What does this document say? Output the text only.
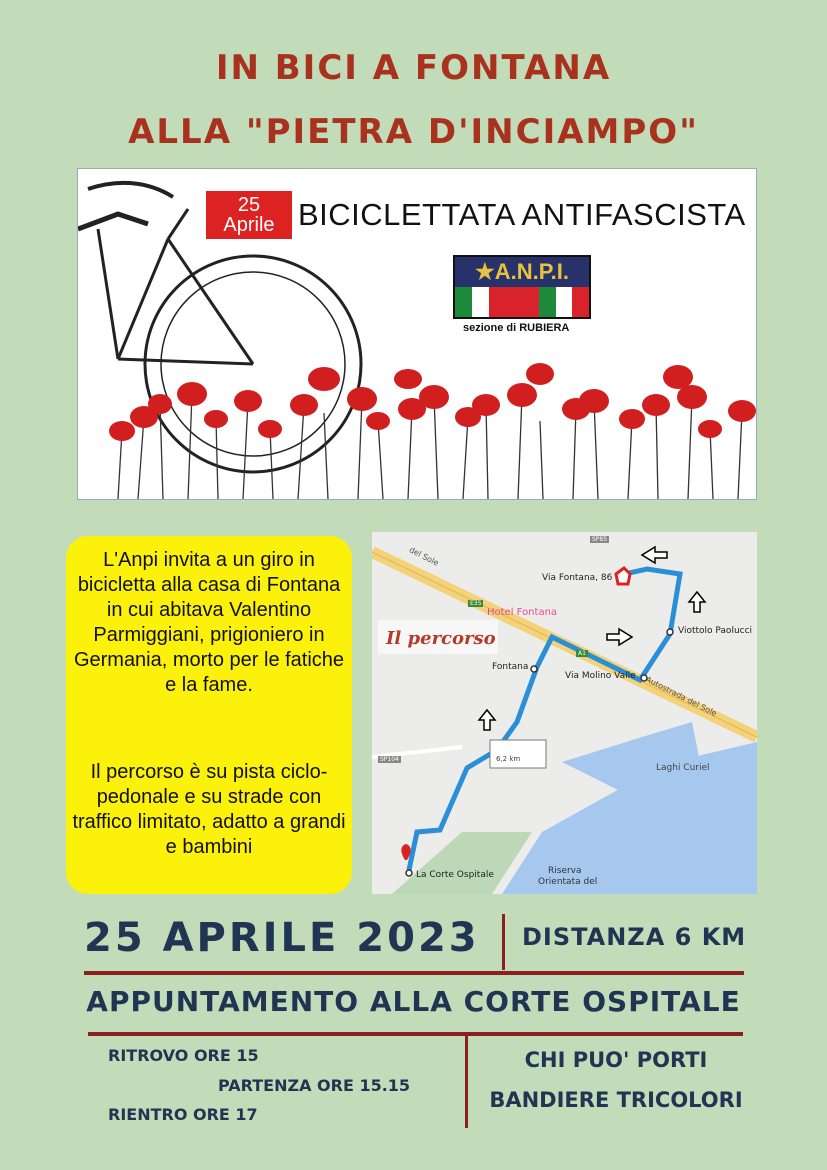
IN BICI A FONTANA
ALLA "PIETRA D'INCIAMPO"
25
Aprile BICICLETTATA ANTIFASCISTA
★A.N.P.I.
sezione di RUBIERA
L'Anpi invita a un giro in bicicletta alla casa di Fontana in cui abitava Valentino Parmiggiani, prigioniero in Germania, morto per le fatiche e la fame.
Il percorso è su pista ciclo-pedonale e su strade con traffico limitato, adatto a grandi e bambini
Il percorso
Via Fontana, 86
Hotel Fontana
Viottolo Paolucci
Fontana
Via Molino Valle Autostrada del Sole
del Sole
6,2 km
Laghi Curiel
La Corte Ospitale	Riserva
Orientata del
SP85
SP104
A1
E35
25 APRILE 2023 DISTANZA 6 KM
APPUNTAMENTO ALLA CORTE OSPITALE
RITROVO ORE 15
PARTENZA ORE 15.15
RIENTRO ORE 17
CHI PUO' PORTI
BANDIERE TRICOLORI
